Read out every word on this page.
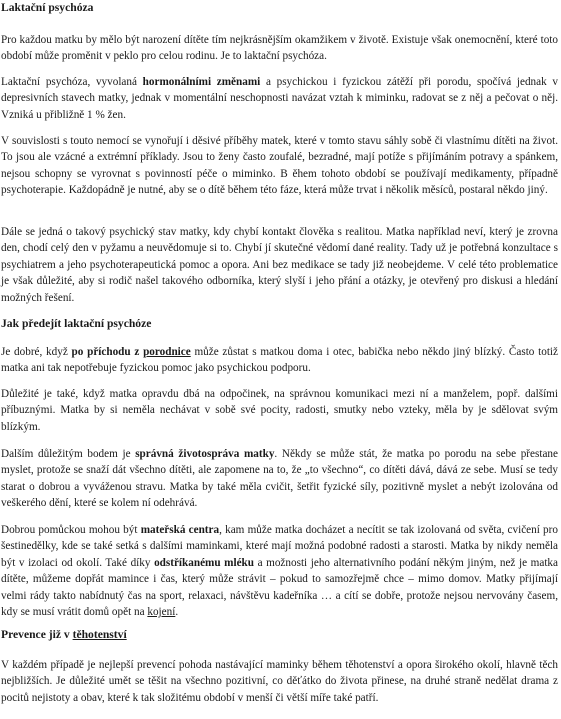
Laktační psychóza
Pro každou matku by mělo být narození dítěte tím nejkrásnějším okamžikem v životě. Existuje však onemocnění, které toto období může proměnit v peklo pro celou rodinu. Je to laktační psychóza.
Laktační psychóza, vyvolaná hormonálními změnami a psychickou i fyzickou zátěží při porodu, spočívá jednak v depresivních stavech matky, jednak v momentální neschopnosti navázat vztah k miminku, radovat se z něj a pečovat o něj. Vzniká u přibližně 1 % žen.
V souvislosti s touto nemocí se vynořují i děsivé příběhy matek, které v tomto stavu sáhly sobě či vlastnímu dítěti na život. To jsou ale vzácné a extrémní příklady. Jsou to ženy často zoufalé, bezradné, mají potíže s přijímáním potravy a spánkem, nejsou schopny se vyrovnat s povinností péče o miminko. B ěhem tohoto období se používají medikamenty, případně psychoterapie. Každopádně je nutné, aby se o dítě během této fáze, která může trvat i několik měsíců, postaral někdo jiný.
Dále se jedná o takový psychický stav matky, kdy chybí kontakt člověka s realitou. Matka například neví, který je zrovna den, chodí celý den v pyžamu a neuvědomuje si to. Chybí jí skutečné vědomí dané reality. Tady už je potřebná konzultace s psychiatrem a jeho psychoterapeutická pomoc a opora. Ani bez medikace se tady již neobejdeme. V celé této problematice je však důležité, aby si rodič našel takového odborníka, který slyší i jeho přání a otázky, je otevřený pro diskusi a hledání možných řešení.
Jak předejít laktační psychóze
Je dobré, když po příchodu z porodnice může zůstat s matkou doma i otec, babička nebo někdo jiný blízký. Často totiž matka ani tak nepotřebuje fyzickou pomoc jako psychickou podporu.
Důležité je také, když matka opravdu dbá na odpočinek, na správnou komunikaci mezi ní a manželem, popř. dalšími příbuznými. Matka by si neměla nechávat v sobě své pocity, radosti, smutky nebo vzteky, měla by je sdělovat svým blízkým.
Dalším důležitým bodem je správná životospráva matky. Někdy se může stát, že matka po porodu na sebe přestane myslet, protože se snaží dát všechno dítěti, ale zapomene na to, že „to všechno“, co dítěti dává, dává ze sebe. Musí se tedy starat o dobrou a vyváženou stravu. Matka by také měla cvičit, šetřit fyzické síly, pozitivně myslet a nebýt izolována od veškerého dění, které se kolem ní odehrává.
Dobrou pomůckou mohou být mateřská centra, kam může matka docházet a necítit se tak izolovaná od světa, cvičení pro šestinedělky, kde se také setká s dalšími maminkami, které mají možná podobné radosti a starosti. Matka by nikdy neměla být v izolaci od okolí. Také díky odstříkanému mléku a možnosti jeho alternativního podání někým jiným, než je matka dítěte, můžeme dopřát mamince i čas, který může strávit – pokud to samozřejmě chce – mimo domov. Matky přijímají velmi rády takto nabídnutý čas na sport, relaxaci, návštěvu kadeřníka … a cítí se dobře, protože nejsou nervovány časem, kdy se musí vrátit domů opět na kojení.
Prevence již v těhotenství
V každém případě je nejlepší prevencí pohoda nastávající maminky během těhotenství a opora širokého okolí, hlavně těch nejbližších. Je důležité umět se těšit na všechno pozitivní, co děťátko do života přinese, na druhé straně nedělat drama z pocitů nejistoty a obav, které k tak složitému období v menší či větší míře také patří.
